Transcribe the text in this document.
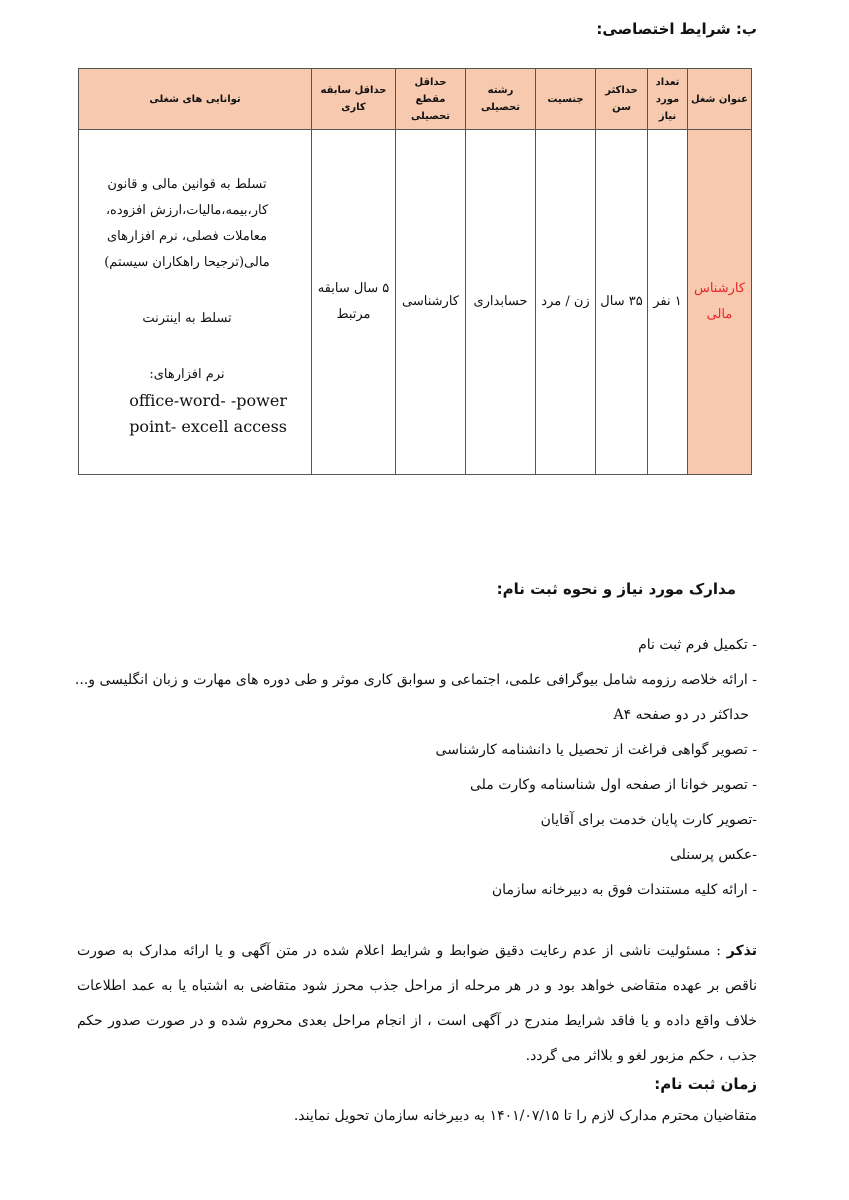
ب: شرایط اختصاصی:
عنوان شغل	تعداد مورد نیاز	حداکثر سن	جنسیت	رشته تحصیلی	حداقل مقطع تحصیلی	حداقل سابقه کاری	توانایی های شغلی
کارشناس مالی	۱ نفر	۳۵ سال	زن / مرد	حسابداری	کارشناسی	۵ سال سابقه مرتبط	تسلط به قوانین مالی و قانون کار،بیمه،مالیات،ارزش افزوده، معاملات فصلی، نرم افزارهای مالی(ترجیحا راهکاران سیستم)

تسلط به اینترنت

نرم افزارهای:

office-word- -power point- excell access

مدارک مورد نیاز و نحوه ثبت نام:
- تکمیل فرم ثبت نام
- ارائه خلاصه رزومه شامل بیوگرافی علمی، اجتماعی و سوابق کاری موثر و طی دوره های مهارت و زبان انگلیسی و...
حداکثر در دو صفحه A۴
- تصویر گواهی فراغت از تحصیل یا دانشنامه کارشناسی
- تصویر خوانا از صفحه اول شناسنامه وکارت ملی
-تصویر کارت پایان خدمت برای آقایان
-عکس پرسنلی
- ارائه کلیه مستندات فوق به دبیرخانه سازمان
تذکر : مسئولیت ناشی از عدم رعایت دقیق ضوابط و شرایط اعلام شده در متن آگهی و یا ارائه مدارک به صورت ناقص بر عهده متقاضی خواهد بود و در هر مرحله از مراحل جذب محرز شود متقاضی به اشتباه یا به عمد اطلاعات خلاف واقع داده و یا فاقد شرایط مندرج در آگهی است ، از انجام مراحل بعدی محروم شده و در صورت صدور حکم جذب ، حکم مزبور لغو و بلااثر می گردد.
زمان ثبت نام:
متقاضیان محترم مدارک لازم را تا ۱۴۰۱/۰۷/۱۵ به دبیرخانه سازمان تحویل نمایند.
